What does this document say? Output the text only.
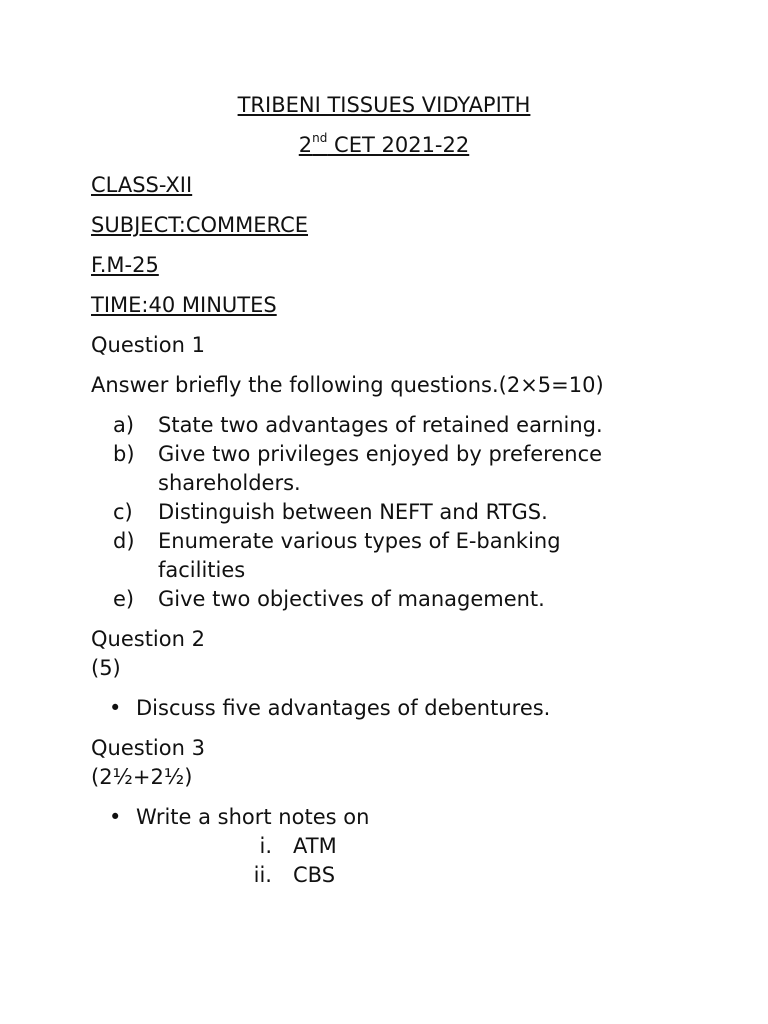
TRIBENI TISSUES VIDYAPITH
2nd CET 2021-22
CLASS-XII
SUBJECT:COMMERCE
F.M-25
TIME:40 MINUTES
Question 1
Answer briefly the following questions.(2×5=10)
a) State two advantages of retained earning.
b) Give two privileges enjoyed by preference shareholders.
c) Distinguish between NEFT and RTGS.
d) Enumerate various types of E-banking facilities
e) Give two objectives of management.
Question 2
(5)
• Discuss five advantages of debentures.
Question 3
(2½+2½)
• Write a short notes on
i. ATM
ii. CBS
